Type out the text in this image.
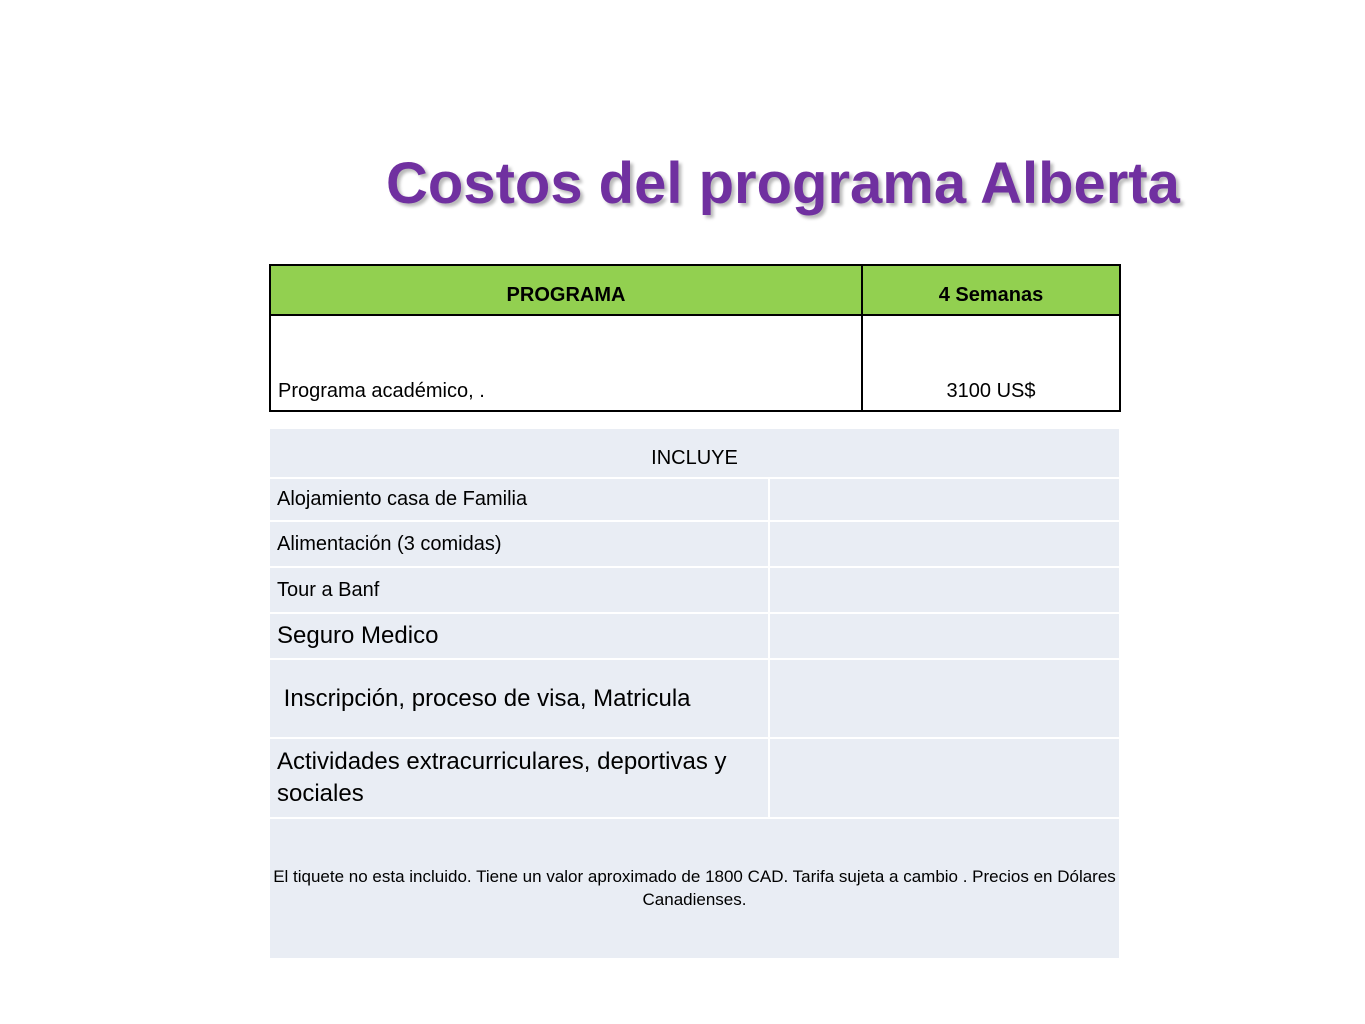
Costos del programa Alberta
PROGRAMA	4 Semanas
Programa académico, .	3100 US$
INCLUYE
Alojamiento casa de Familia
Alimentación (3 comidas)
Tour a Banf
Seguro Medico
Inscripción, proceso de visa, Matricula
Actividades extracurriculares, deportivas y sociales
El tiquete no esta incluido. Tiene un valor aproximado de 1800 CAD. Tarifa sujeta a cambio . Precios en Dólares Canadienses.
